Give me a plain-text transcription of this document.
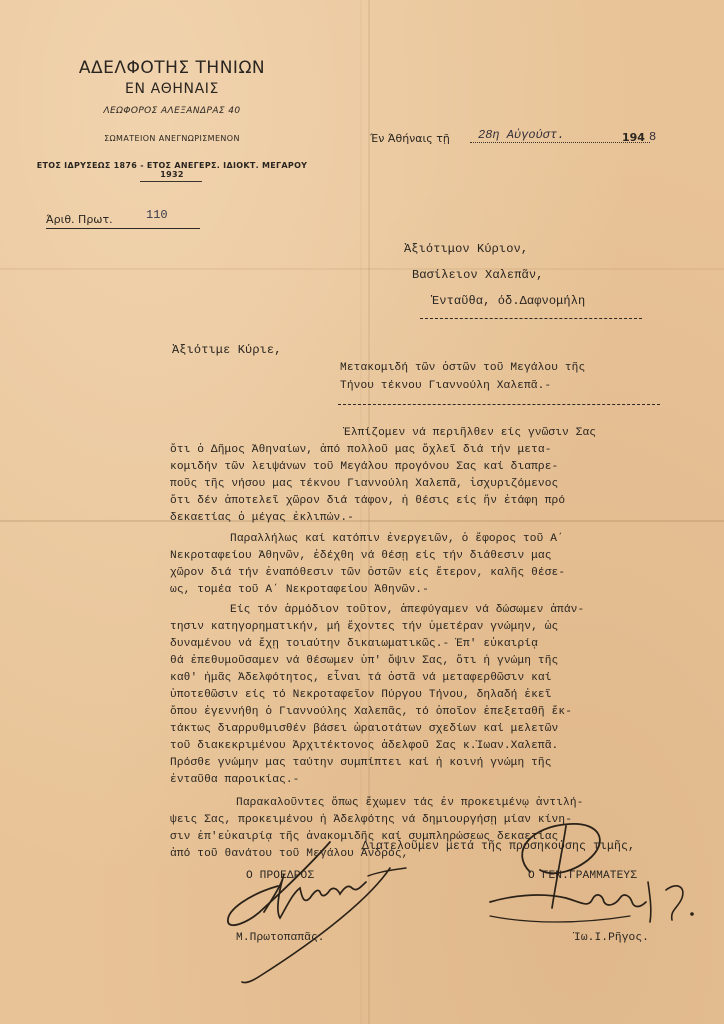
ΑΔΕΛΦΟΤΗΣ ΤΗΝΙΩΝ
ΕΝ ΑΘΗΝΑΙΣ
ΛΕΩΦΟΡΟΣ ΑΛΕΞΑΝΔΡΑΣ 40
ΣΩΜΑΤΕΙΟΝ ΑΝΕΓΝΩΡΙΣΜΕΝΟΝ
ΕΤΟΣ ΙΔΡΥΣΕΩΣ 1876 - ΕΤΟΣ ΑΝΕΓΕΡΣ. ΙΔΙΟΚΤ. ΜΕΓΑΡΟΥ 1932
Άριθ. Πρωτ.	110
Έν Άθήναις τῇ 28η Αὐγούστ.	194 8
Ἀξιότιμον Κύριον,
Βασίλειον Χαλεπᾶν,
Ἐνταῦθα, όδ.Δαφνομήλη
Ἀξιότιμε Κύριε,
Μετακομιδή τῶν ὀστῶν τοῦ Μεγάλου τῆς
Τήνου τέκνου Γιαννούλη Χαλεπᾶ.-
Ἐλπίζομεν νά περιῆλθεν είς γνῶσιν Σας
ὅτι ὁ Δῆμος Ἀθηναίων, ἀπό πολλοῦ μας ὄχλεῖ διά τήν μετα-
κομιδήν τῶν λειψάνων τοῦ Μεγάλου προγόνου Σας καί διαπρε-
ποῦς τῆς νήσου μας τέκνου Γιαννούλη Χαλεπᾶ, ἰσχυριζόμενος
ὅτι δέν ἀποτελεῖ χῶρον διά τάφον, ἡ θέσις είς ἥν ἐτάφη πρό
δεκαετίας ὁ μέγας ἐκλιπών.-
Παραλλήλως καί κατόπιν ἐνεργειῶν, ὁ ἔφορος τοῦ Α΄
Νεκροταφείου Ἀθηνῶν, ἐδέχθη νά θέσῃ είς τήν διάθεσιν μας
χῶρον διά τήν ἐναπόθεσιν τῶν ὀστῶν είς ἕτερον, καλῆς θέσε-
ως, τομέα τοῦ Α΄ Νεκροταφείου Ἀθηνῶν.-
Είς τόν ἁρμόδιον τοῦτον, ἀπεφύγαμεν νά δώσωμεν ἀπάν-
τησιν κατηγορηματικήν, μή ἔχοντες τήν ὑμετέραν γνώμην, ὡς
δυναμένου νά ἔχῃ τοιαύτην δικαιωματικῶς.- Ἐπ' εὐκαιρίᾳ
θά ἐπεθυμοῦσαμεν νά θέσωμεν ὑπ' ὄψιν Σας, ὅτι ἡ γνώμη τῆς
καθ' ἡμᾶς Ἀδελφότητος, εἶναι τά ὀστᾶ νά μεταφερθῶσιν καί
ὑποτεθῶσιν είς τό Νεκροταφεῖον Πύργου Τήνου, δηλαδή ἐκεῖ
ὅπου ἐγεννήθη ὁ Γιαννούλης Χαλεπᾶς, τό ὁποῖον ἐπεξεταθῆ ἔκ-
τάκτως διαρρυθμισθέν βάσει ὡραιοτάτων σχεδίων καί μελετῶν
τοῦ διακεκριμένου Ἀρχιτέκτονος ἀδελφοῦ Σας κ.Ἰωαν.Χαλεπᾶ.
Πρόσθε γνώμην μας ταύτην συμπίπτει καί ἡ κοινή γνώμη τῆς
ἐνταῦθα παροικίας.-
Παρακαλοῦντες ὅπως ἔχωμεν τάς ἐν προκειμένῳ ἀντιλή-
ψεις Σας, προκειμένου ἡ Ἀδελφότης νά δημιουργήσῃ μίαν κίνη-
σιν ἐπ'εὐκαιρίᾳ τῆς ἀνακομιδῆς καί συμπληρώσεως δεκαετίας
ἀπό τοῦ θανάτου τοῦ Μεγάλου Ἀνδρός,
Διατελοῦμεν μετά τῆς προσηκούσης τιμῆς,
Ο ΠΡΟΕΔΡΟΣ	Ο ΓΕΝ.ΓΡΑΜΜΑΤΕΥΣ
Μ.Πρωτοπαπᾶς.	Ἰω.Ι.Ρῆγος.
